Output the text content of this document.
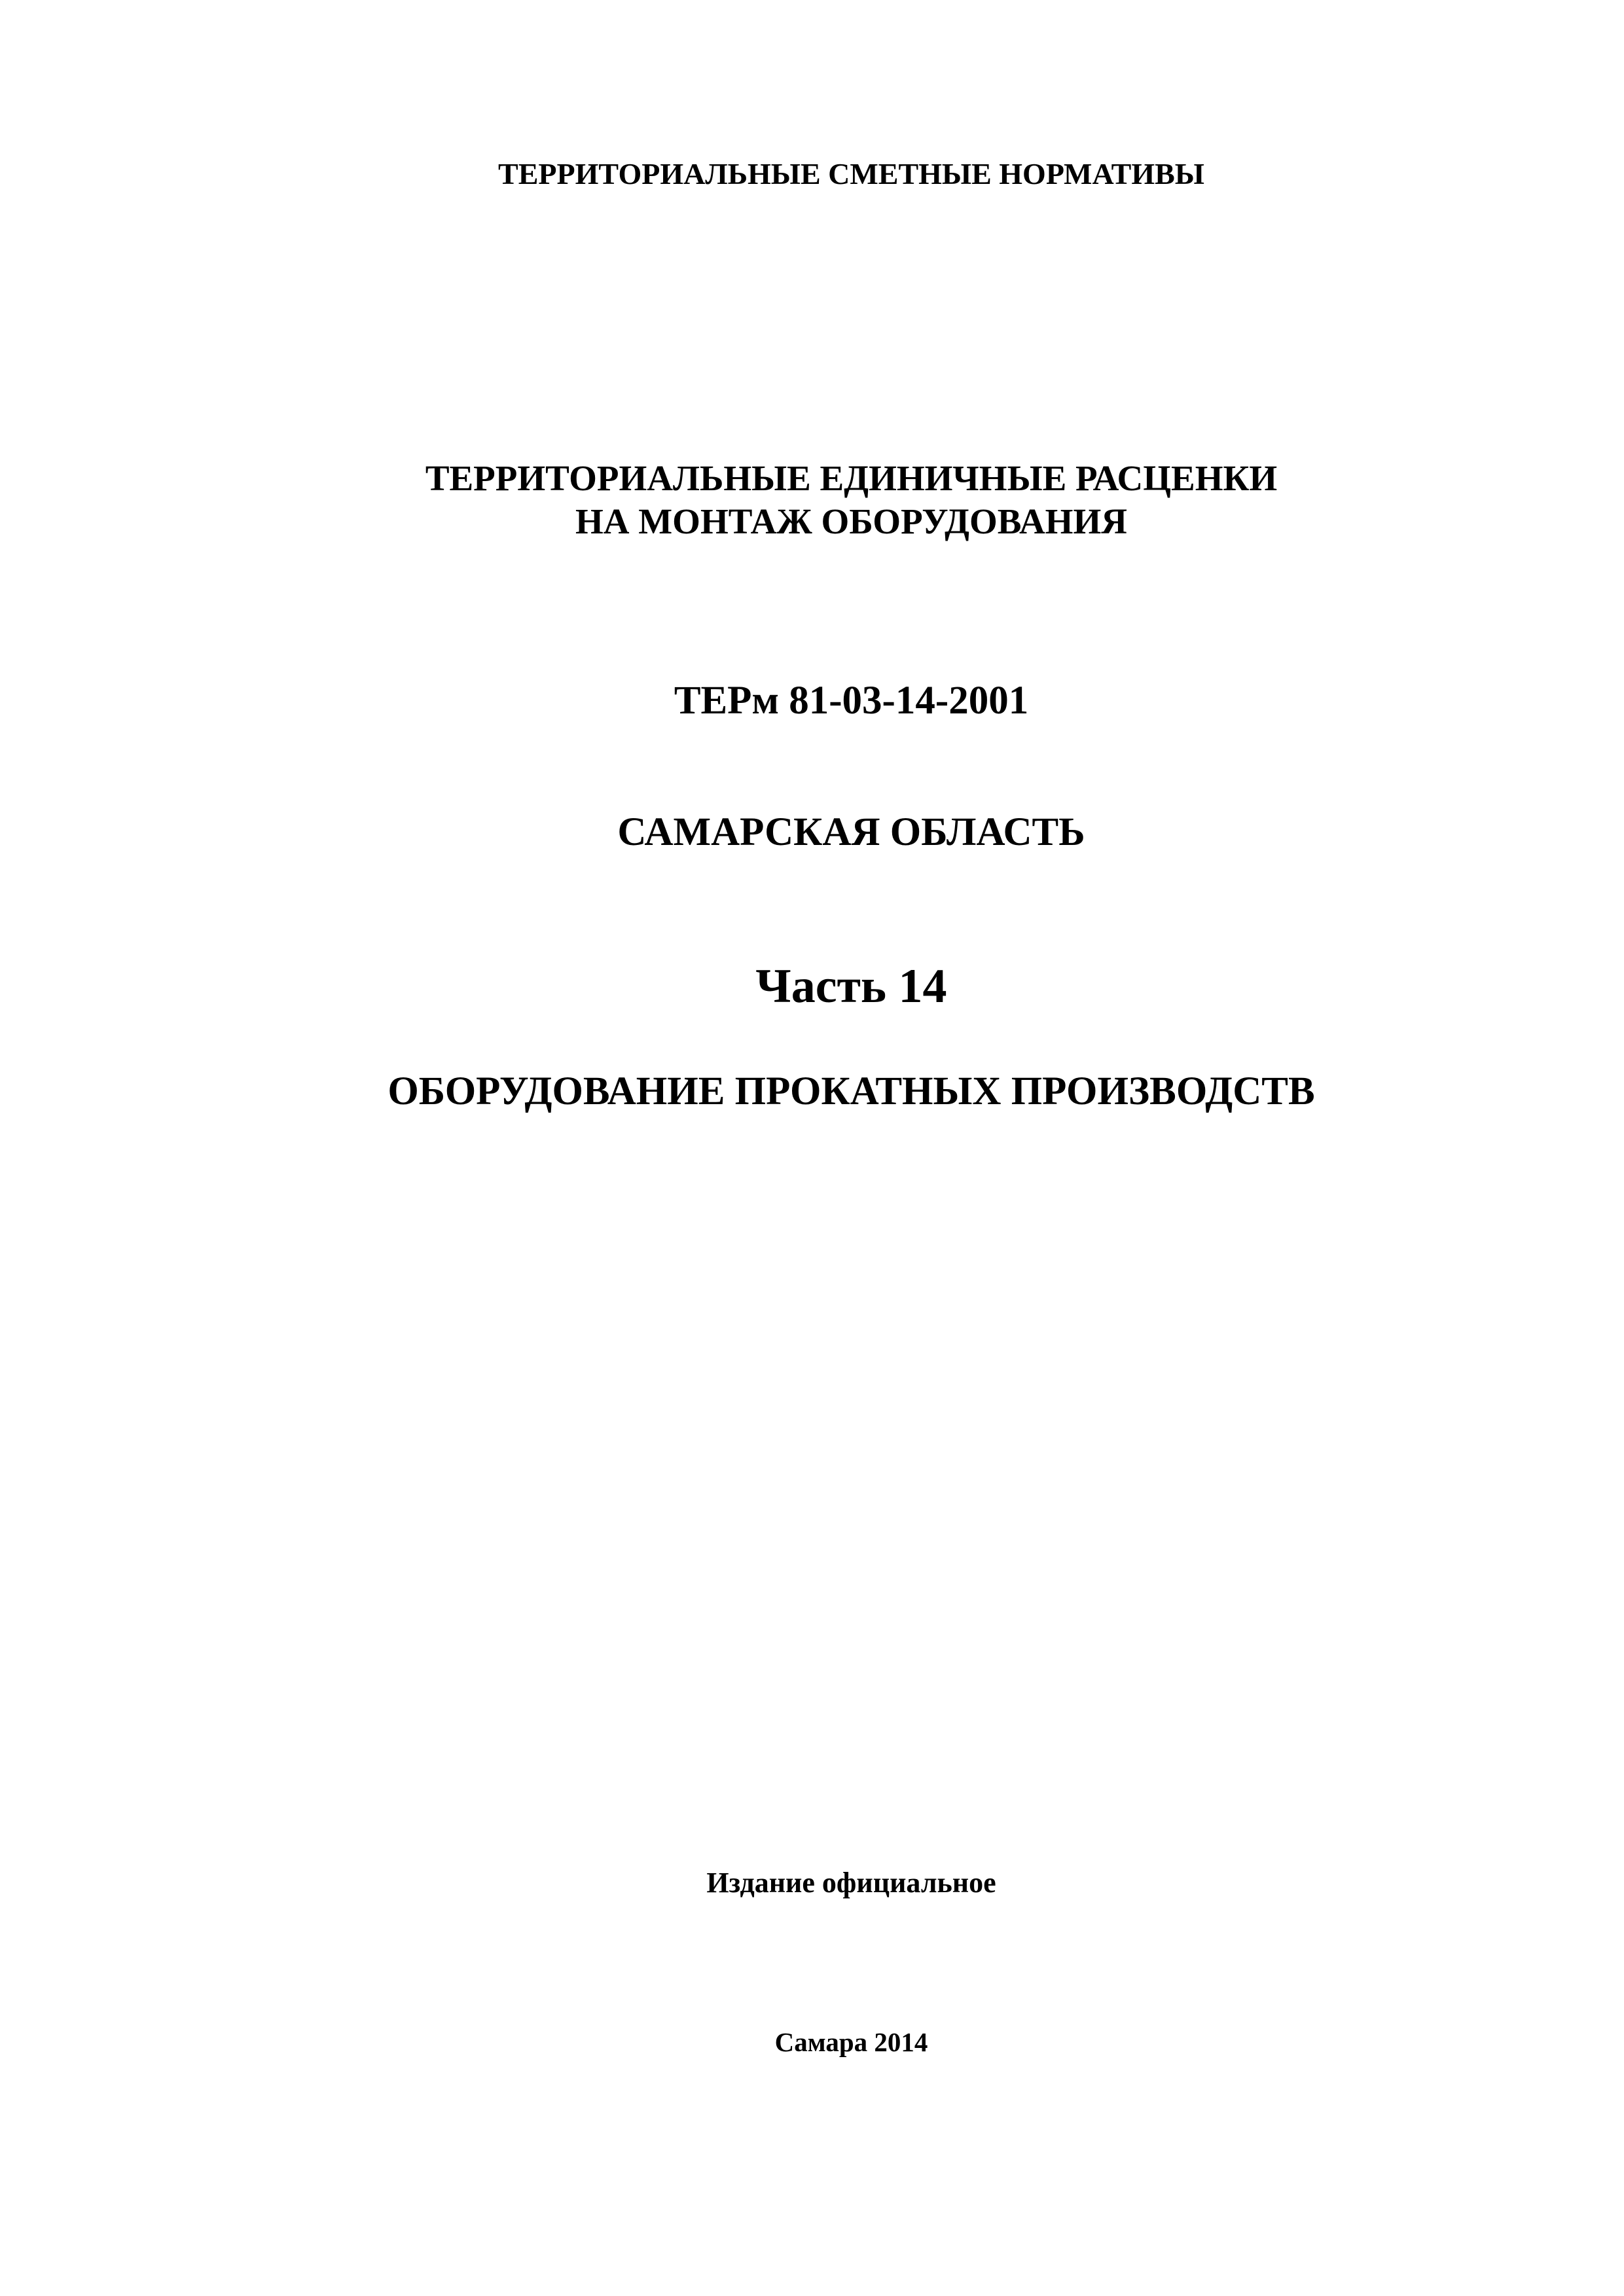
ТЕРРИТОРИАЛЬНЫЕ СМЕТНЫЕ НОРМАТИВЫ
ТЕРРИТОРИАЛЬНЫЕ ЕДИНИЧНЫЕ РАСЦЕНКИ
НА МОНТАЖ ОБОРУДОВАНИЯ
ТЕРм 81-03-14-2001
САМАРСКАЯ ОБЛАСТЬ
Часть 14
ОБОРУДОВАНИЕ ПРОКАТНЫХ ПРОИЗВОДСТВ
Издание официальное
Самара 2014
